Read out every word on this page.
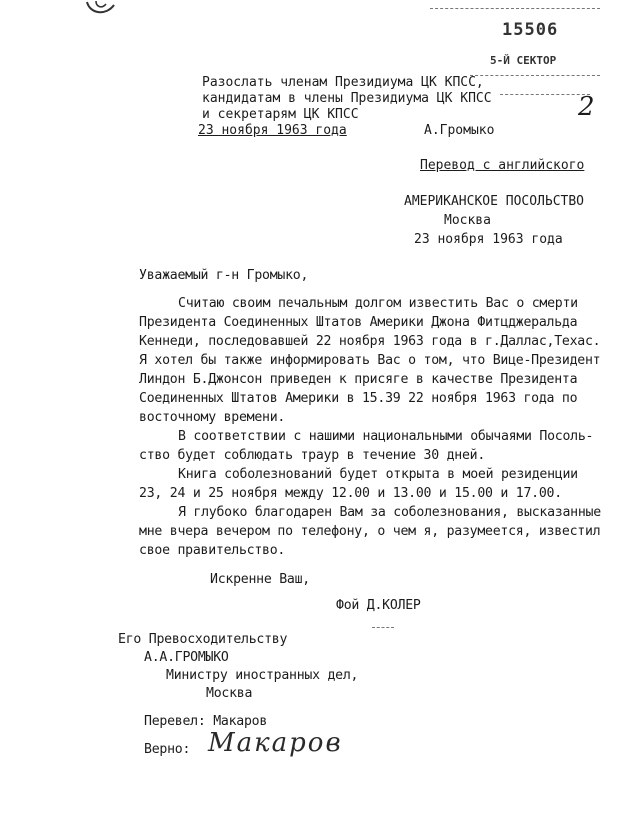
15506
5-Й СЕКТОР
2
Разослать членам Президиума ЦК КПСС,
кандидатам в члены Президиума ЦК КПСС
и секретарям ЦК КПСС
23 ноября 1963 года	А.Громыко
Перевод с английского
АМЕРИКАНСКОЕ ПОСОЛЬСТВО
Москва
23 ноября 1963 года
Уважаемый г-н Громыко,
Считаю своим печальным долгом известить Вас о смерти
Президента Соединенных Штатов Америки Джона Фитцджеральда
Кеннеди, последовавшей 22 ноября 1963 года в г.Даллас,Техас.
Я хотел бы также информировать Вас о том, что Вице-Президент
Линдон Б.Джонсон приведен к присяге в качестве Президента
Соединенных Штатов Америки в 15.39 22 ноября 1963 года по
восточному времени.
В соответствии с нашими национальными обычаями Посоль-
ство будет соблюдать траур в течение 30 дней.
Книга соболезнований будет открыта в моей резиденции
23, 24 и 25 ноября между 12.00 и 13.00 и 15.00 и 17.00.
Я глубоко благодарен Вам за соболезнования, высказанные
мне вчера вечером по телефону, о чем я, разумеется, известил
свое правительство.
Искренне Ваш,
Фой Д.КОЛЕР
Его Превосходительству
А.А.ГРОМЫКО
Министру иностранных дел,
Москва
Перевел: Макаров
Верно: Макаров
